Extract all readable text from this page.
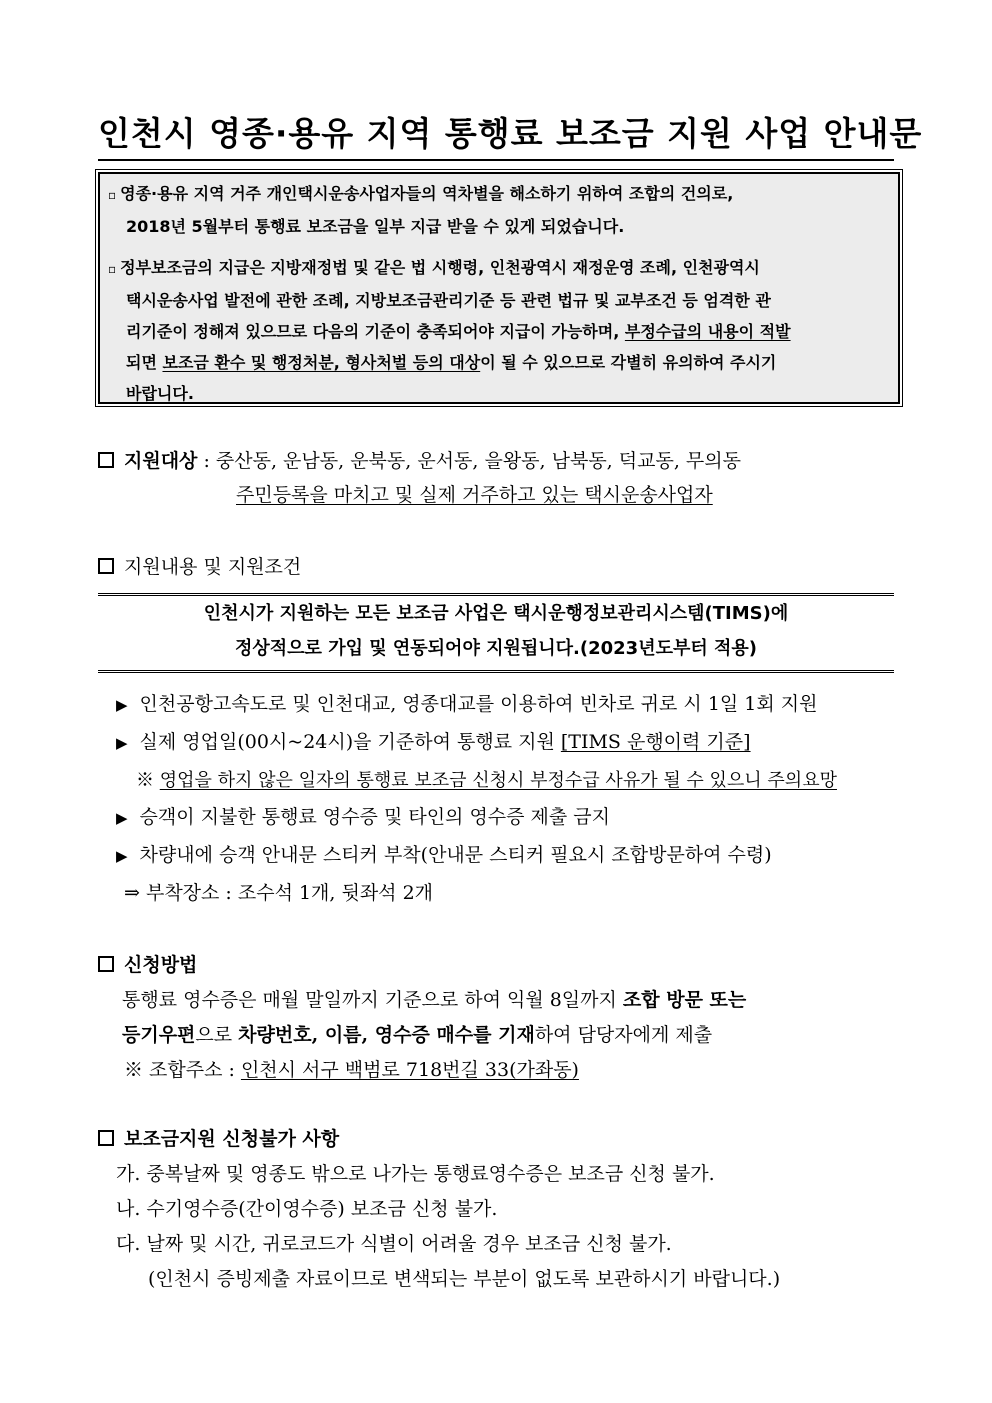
인천시 영종·용유 지역 통행료 보조금 지원 사업 안내문

▫ 영종·용유 지역 거주 개인택시운송사업자들의 역차별을 해소하기 위하여 조합의 건의로,

2018년 5월부터 통행료 보조금을 일부 지급 받을 수 있게 되었습니다.

▫ 정부보조금의 지급은 지방재정법 및 같은 법 시행령, 인천광역시 재정운영 조례, 인천광역시

택시운송사업 발전에 관한 조례, 지방보조금관리기준 등 관련 법규 및 교부조건 등 엄격한 관

리기준이 정해져 있으므로 다음의 기준이 충족되어야 지급이 가능하며, 부정수급의 내용이 적발

되면 보조금 환수 및 행정처분, 형사처벌 등의 대상이 될 수 있으므로 각별히 유의하여 주시기

바랍니다.

지원대상 : 중산동, 운남동, 운북동, 운서동, 을왕동, 남북동, 덕교동, 무의동
주민등록을 마치고 및 실제 거주하고 있는 택시운송사업자
지원내용 및 지원조건
인천시가 지원하는 모든 보조금 사업은 택시운행정보관리시스템(TIMS)에
정상적으로 가입 및 연동되어야 지원됩니다.(2023년도부터 적용)
▶ 인천공항고속도로 및 인천대교, 영종대교를 이용하여 빈차로 귀로 시 1일 1회 지원
▶ 실제 영업일(00시~24시)을 기준하여 통행료 지원 [TIMS 운행이력 기준]
※ 영업을 하지 않은 일자의 통행료 보조금 신청시 부정수급 사유가 될 수 있으니 주의요망
▶ 승객이 지불한 통행료 영수증 및 타인의 영수증 제출 금지
▶ 차량내에 승객 안내문 스티커 부착(안내문 스티커 필요시 조합방문하여 수령)
⇒ 부착장소 : 조수석 1개, 뒷좌석 2개
신청방법
통행료 영수증은 매월 말일까지 기준으로 하여 익월 8일까지 조합 방문 또는
등기우편으로 차량번호, 이름, 영수증 매수를 기재하여 담당자에게 제출
※ 조합주소 : 인천시 서구 백범로 718번길 33(가좌동)
보조금지원 신청불가 사항
가. 중복날짜 및 영종도 밖으로 나가는 통행료영수증은 보조금 신청 불가.
나. 수기영수증(간이영수증) 보조금 신청 불가.
다. 날짜 및 시간, 귀로코드가 식별이 어려울 경우 보조금 신청 불가.
(인천시 증빙제출 자료이므로 변색되는 부분이 없도록 보관하시기 바랍니다.)
